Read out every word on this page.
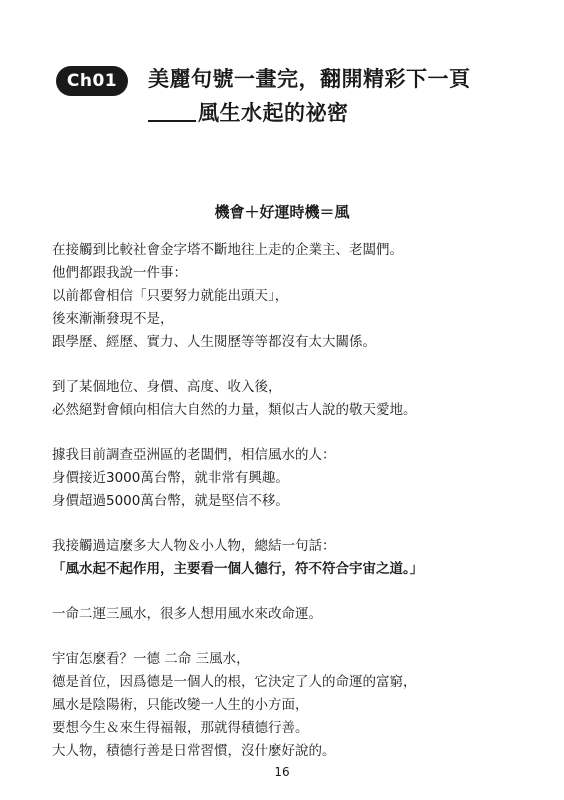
Ch01	美麗句號一畫完，翻開精彩下一頁
風生水起的祕密
機會＋好運時機＝風
在接觸到比較社會金字塔不斷地往上走的企業主、老闆們。
他們都跟我說一件事：
以前都會相信「只要努力就能出頭天」，
後來漸漸發現不是，
跟學歷、經歷、實力、人生閱歷等等都沒有太大關係。
到了某個地位、身價、高度、收入後，
必然絕對會傾向相信大自然的力量，類似古人說的敬天愛地。
據我目前調查亞洲區的老闆們，相信風水的人：
身價接近3000萬台幣，就非常有興趣。
身價超過5000萬台幣，就是堅信不移。
我接觸過這麼多大人物＆小人物，總結一句話：
「風水起不起作用，主要看一個人德行，符不符合宇宙之道。」
一命二運三風水，很多人想用風水來改命運。
宇宙怎麼看？一德 二命 三風水，
德是首位，因爲德是一個人的根，它決定了人的命運的富窮，
風水是陰陽術，只能改變一人生的小方面，
要想今生＆來生得福報，那就得積德行善。
大人物，積德行善是日常習慣，沒什麼好說的。
16
